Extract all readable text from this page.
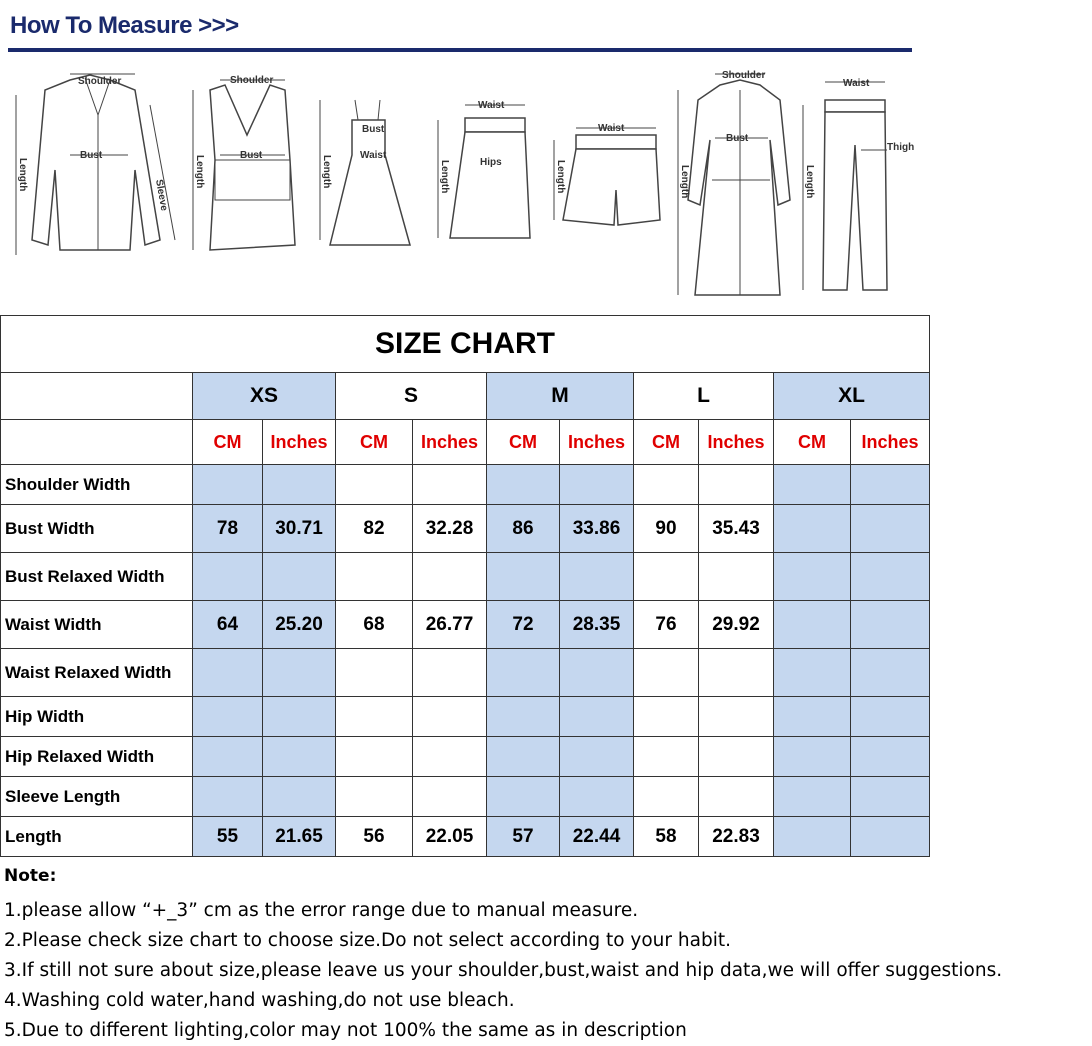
How To Measure >>>
Shoulder
Bust
Sleeve
Length
Shoulder
Bust
Length
Bust
Waist
Length
Waist
Hips
Length
Waist
Length
Shoulder
Bust
Length
Waist
Thigh
Length
SIZE CHART										
	XS		S		M		L		XL	
	CM	Inches	CM	Inches	CM	Inches	CM	Inches	CM	Inches
Shoulder Width										
Bust Width	78	30.71	82	32.28	86	33.86	90	35.43		
Bust Relaxed Width										
Waist Width	64	25.20	68	26.77	72	28.35	76	29.92		
Waist Relaxed Width										
Hip Width										
Hip Relaxed Width										
Sleeve Length										
Length	55	21.65	56	22.05	57	22.44	58	22.83		
Note:
1.please allow “+_3” cm as the error range due to manual measure.
2.Please check size chart to choose size.Do not select according to your habit.
3.If still not sure about size,please leave us your shoulder,bust,waist and hip data,we will offer suggestions.
4.Washing cold water,hand washing,do not use bleach.
5.Due to different lighting,color may not 100% the same as in description
